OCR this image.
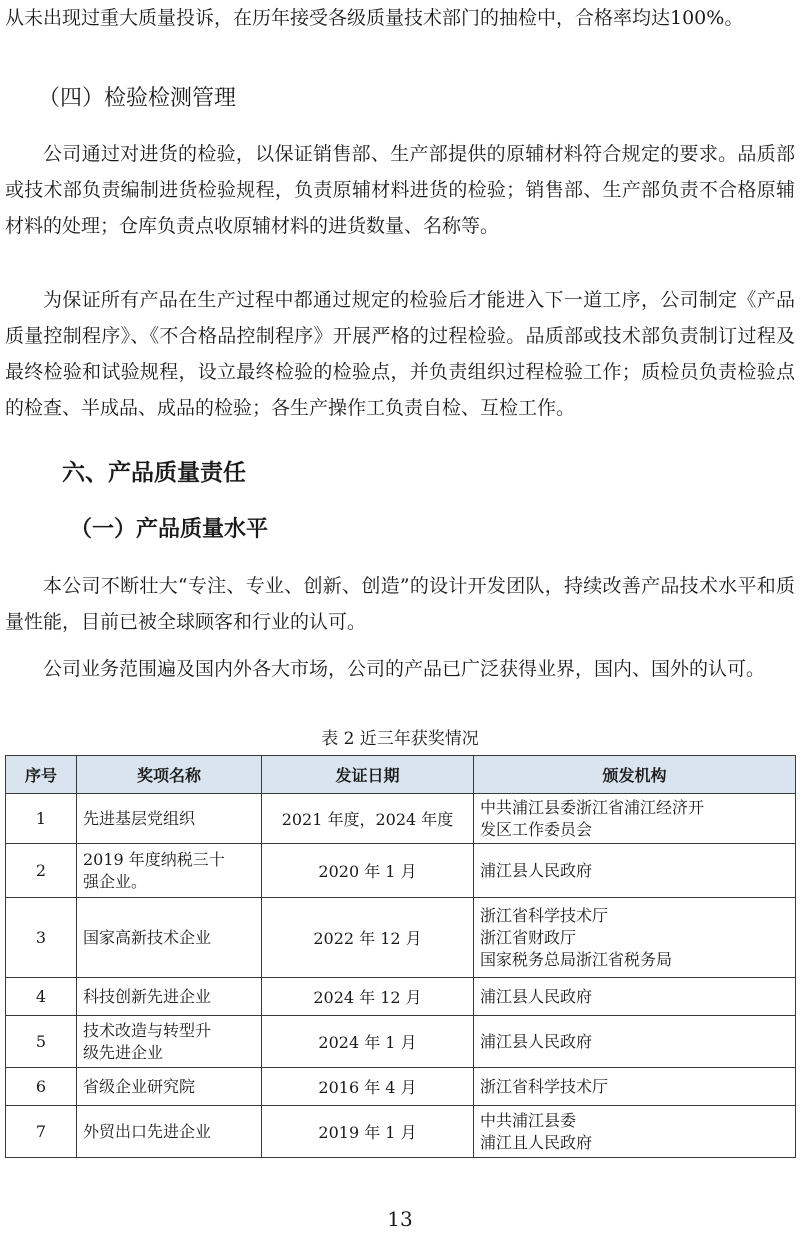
从未出现过重大质量投诉，在历年接受各级质量技术部门的抽检中，合格率均达100%。

（四）检验检测管理

公司通过对进货的检验，以保证销售部、生产部提供的原辅材料符合规定的要求。品质部或技术部负责编制进货检验规程，负责原辅材料进货的检验；销售部、生产部负责不合格原辅材料的处理；仓库负责点收原辅材料的进货数量、名称等。

为保证所有产品在生产过程中都通过规定的检验后才能进入下一道工序，公司制定《产品质量控制程序》、《不合格品控制程序》开展严格的过程检验。品质部或技术部负责制订过程及最终检验和试验规程，设立最终检验的检验点，并负责组织过程检验工作；质检员负责检验点的检查、半成品、成品的检验；各生产操作工负责自检、互检工作。

六、产品质量责任
（一）产品质量水平

本公司不断壮大“专注、专业、创新、创造”的设计开发团队，持续改善产品技术水平和质量性能，目前已被全球顾客和行业的认可。

公司业务范围遍及国内外各大市场，公司的产品已广泛获得业界，国内、国外的认可。

表 2 近三年获奖情况

序号	奖项名称	发证日期	颁发机构
1	先进基层党组织	2021 年度，2024 年度	中共浦江县委浙江省浦江经济开
发区工作委员会

2	2019 年度纳税三十
强企业。	2020 年 1 月	浦江县人民政府

3	国家高新技术企业	2022 年 12 月	浙江省科学技术厅
浙江省财政厅
国家税务总局浙江省税务局

4	科技创新先进企业	2024 年 12 月	浦江县人民政府

5	技术改造与转型升
级先进企业	2024 年 1 月	浦江县人民政府

6	省级企业研究院	2016 年 4 月	浙江省科学技术厅

7	外贸出口先进企业	2019 年 1 月	中共浦江县委
浦江且人民政府
13
